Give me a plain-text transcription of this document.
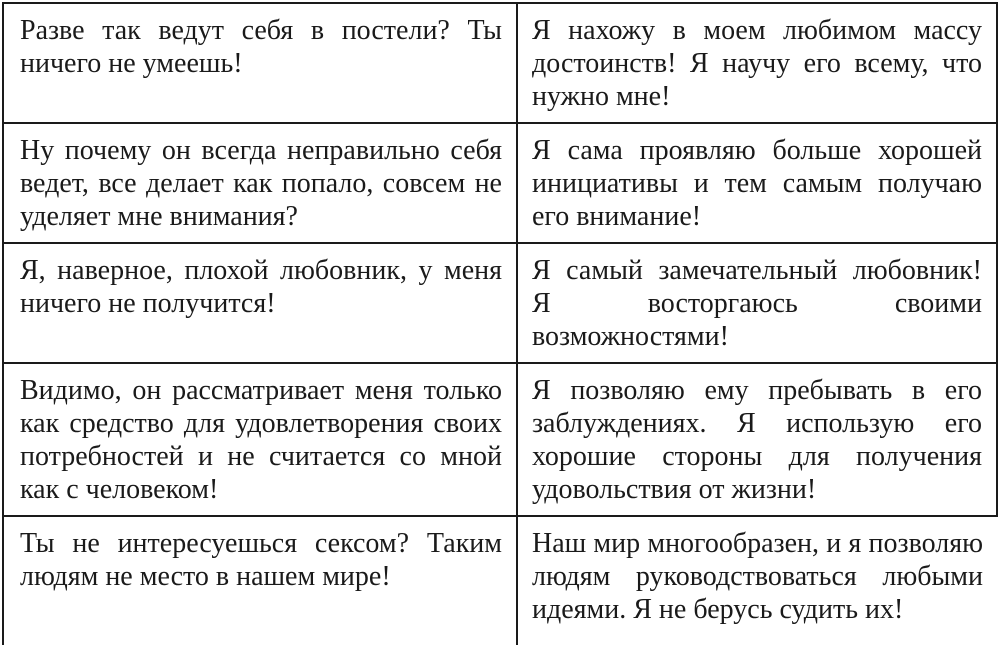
Разве так ведут себя в постели? Ты ничего не умеешь!	Я нахожу в моем любимом массу достоинств! Я научу его всему, что нужно мне!
Ну почему он всегда неправильно себя ведет, все делает как попало, совсем не уделяет мне внимания?	Я сама проявляю больше хорошей инициативы и тем самым получаю его внимание!
Я, наверное, плохой любовник, у меня ничего не получится!	Я самый замечательный любовник! Я восторгаюсь своими возможностями!
Видимо, он рассматривает меня только как средство для удовлетворения своих потребностей и не считается со мной как с человеком!	Я позволяю ему пребывать в его заблуждениях. Я использую его хорошие стороны для получения удовольствия от жизни!
Ты не интересуешься сексом? Таким людям не место в нашем мире!	Наш мир многообразен, и я позволяю людям руководствоваться любыми идеями. Я не берусь судить их!
